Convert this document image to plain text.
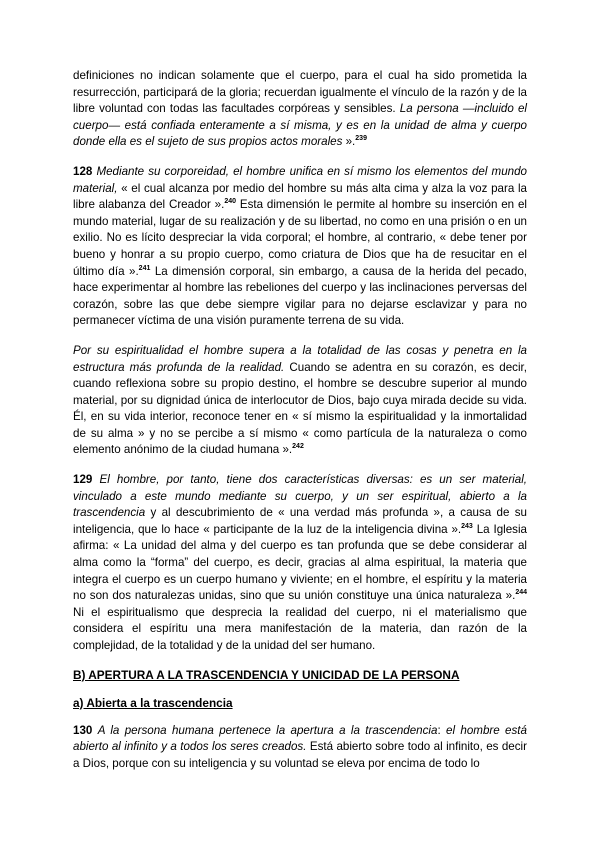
definiciones no indican solamente que el cuerpo, para el cual ha sido prometida la resurrección, participará de la gloria; recuerdan igualmente el vínculo de la razón y de la libre voluntad con todas las facultades corpóreas y sensibles. La persona —incluido el cuerpo— está confiada enteramente a sí misma, y es en la unidad de alma y cuerpo donde ella es el sujeto de sus propios actos morales ».$^{239}$

128 Mediante su corporeidad, el hombre unifica en sí mismo los elementos del mundo material, « el cual alcanza por medio del hombre su más alta cima y alza la voz para la libre alabanza del Creador ».$^{240}$ Esta dimensión le permite al hombre su inserción en el mundo material, lugar de su realización y de su libertad, no como en una prisión o en un exilio. No es lícito despreciar la vida corporal; el hombre, al contrario, « debe tener por bueno y honrar a su propio cuerpo, como criatura de Dios que ha de resucitar en el último día ».$^{241}$ La dimensión corporal, sin embargo, a causa de la herida del pecado, hace experimentar al hombre las rebeliones del cuerpo y las inclinaciones perversas del corazón, sobre las que debe siempre vigilar para no dejarse esclavizar y para no permanecer víctima de una visión puramente terrena de su vida.

Por su espiritualidad el hombre supera a la totalidad de las cosas y penetra en la estructura más profunda de la realidad. Cuando se adentra en su corazón, es decir, cuando reflexiona sobre su propio destino, el hombre se descubre superior al mundo material, por su dignidad única de interlocutor de Dios, bajo cuya mirada decide su vida. Él, en su vida interior, reconoce tener en « sí mismo la espiritualidad y la inmortalidad de su alma » y no se percibe a sí mismo « como partícula de la naturaleza o como elemento anónimo de la ciudad humana ».$^{242}$

129 El hombre, por tanto, tiene dos características diversas: es un ser material, vinculado a este mundo mediante su cuerpo, y un ser espiritual, abierto a la trascendencia y al descubrimiento de « una verdad más profunda », a causa de su inteligencia, que lo hace « participante de la luz de la inteligencia divina ».$^{243}$ La Iglesia afirma: « La unidad del alma y del cuerpo es tan profunda que se debe considerar al alma como la “forma” del cuerpo, es decir, gracias al alma espiritual, la materia que integra el cuerpo es un cuerpo humano y viviente; en el hombre, el espíritu y la materia no son dos naturalezas unidas, sino que su unión constituye una única naturaleza ».$^{244}$ Ni el espiritualismo que desprecia la realidad del cuerpo, ni el materialismo que considera el espíritu una mera manifestación de la materia, dan razón de la complejidad, de la totalidad y de la unidad del ser humano.

B) APERTURA A LA TRASCENDENCIA Y UNICIDAD DE LA PERSONA
a) Abierta a la trascendencia

130 A la persona humana pertenece la apertura a la trascendencia: el hombre está abierto al infinito y a todos los seres creados. Está abierto sobre todo al infinito, es decir a Dios, porque con su inteligencia y su voluntad se eleva por encima de todo lo
